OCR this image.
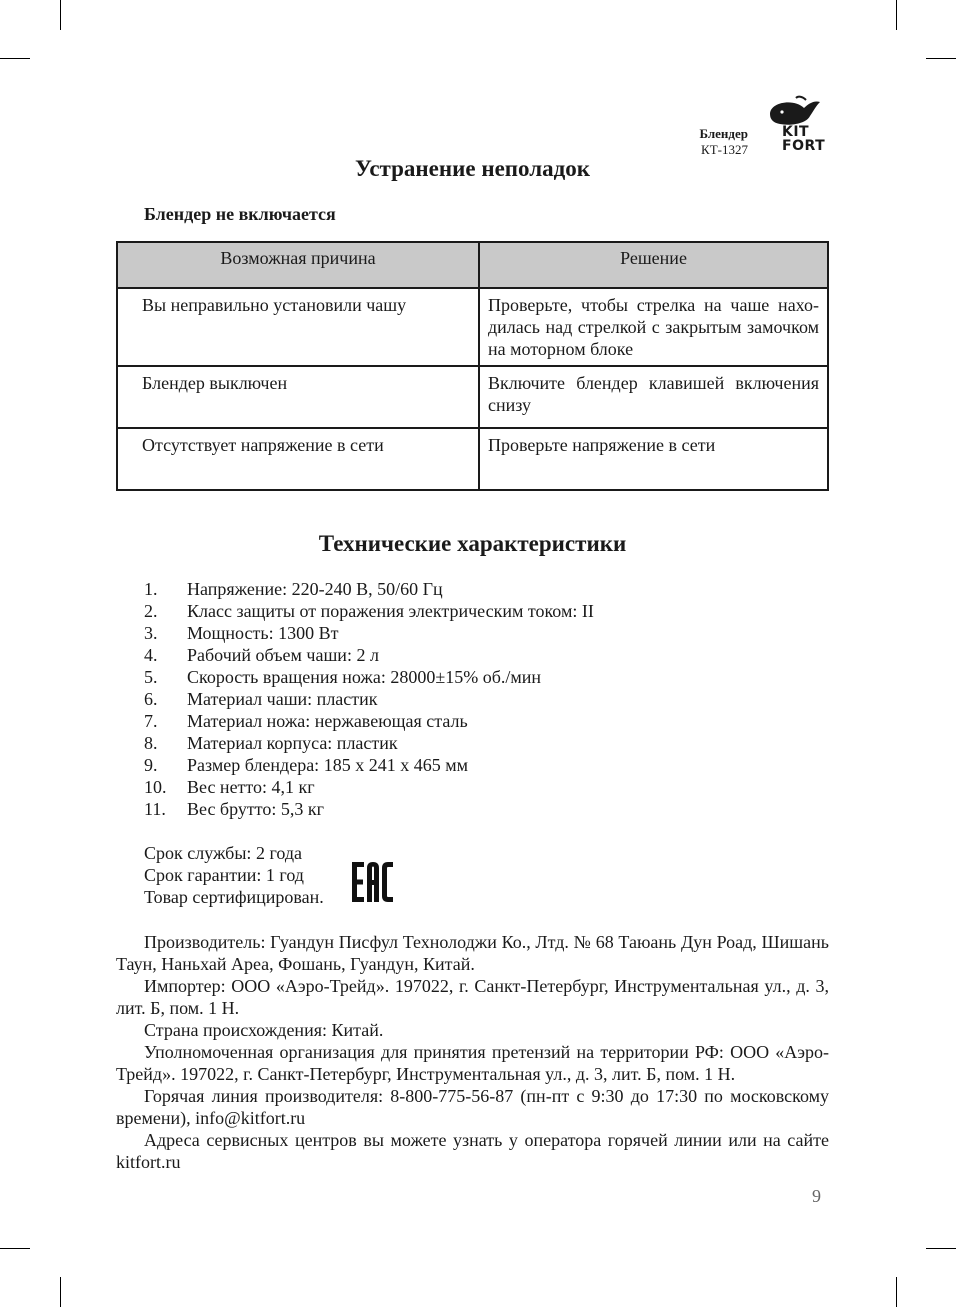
Блендер
КТ-1327
KIT
FORT
Устранение неполадок

Блендер не включается

Возможная причина	Решение
Вы неправильно установили чашу	Проверьте, чтобы стрелка на чаше находилась над стрелкой с закрытым замочком на моторном блоке
Блендер выключен	Включите блендер клавишей включения снизу
Отсутствует напряжение в сети	Проверьте напряжение в сети
Технические характеристики
1.	Напряжение: 220-240 В, 50/60 Гц
2.	Класс защиты от поражения электрическим током: II
3.	Мощность: 1300 Вт
4.	Рабочий объем чаши: 2 л
5.	Скорость вращения ножа: 28000±15% об./мин
6.	Материал чаши: пластик
7.	Материал ножа: нержавеющая сталь
8.	Материал корпуса: пластик
9.	Размер блендера: 185 x 241 x 465 мм
10.	Вес нетто: 4,1 кг
11.	Вес брутто: 5,3 кг
Срок службы: 2 года
Срок гарантии: 1 год
Товар сертифицирован.

Производитель: Гуандун Писфул Технолоджи Ко., Лтд. № 68 Таюань Дун Роад, Шишань Таун, Наньхай Ареа, Фошань, Гуандун, Китай.

Импортер: ООО «Аэро-Трейд». 197022, г. Санкт-Петербург, Инструментальная ул., д. 3, лит. Б, пом. 1 Н.

Страна происхождения: Китай.

Уполномоченная организация для принятия претензий на территории РФ: ООО «Аэро-Трейд». 197022, г. Санкт-Петербург, Инструментальная ул., д. 3, лит. Б, пом. 1 Н.

Горячая линия производителя: 8-800-775-56-87 (пн-пт с 9:30 до 17:30 по московскому времени), info@kitfort.ru

Адреса сервисных центров вы можете узнать у оператора горячей линии или на сайте kitfort.ru

9
